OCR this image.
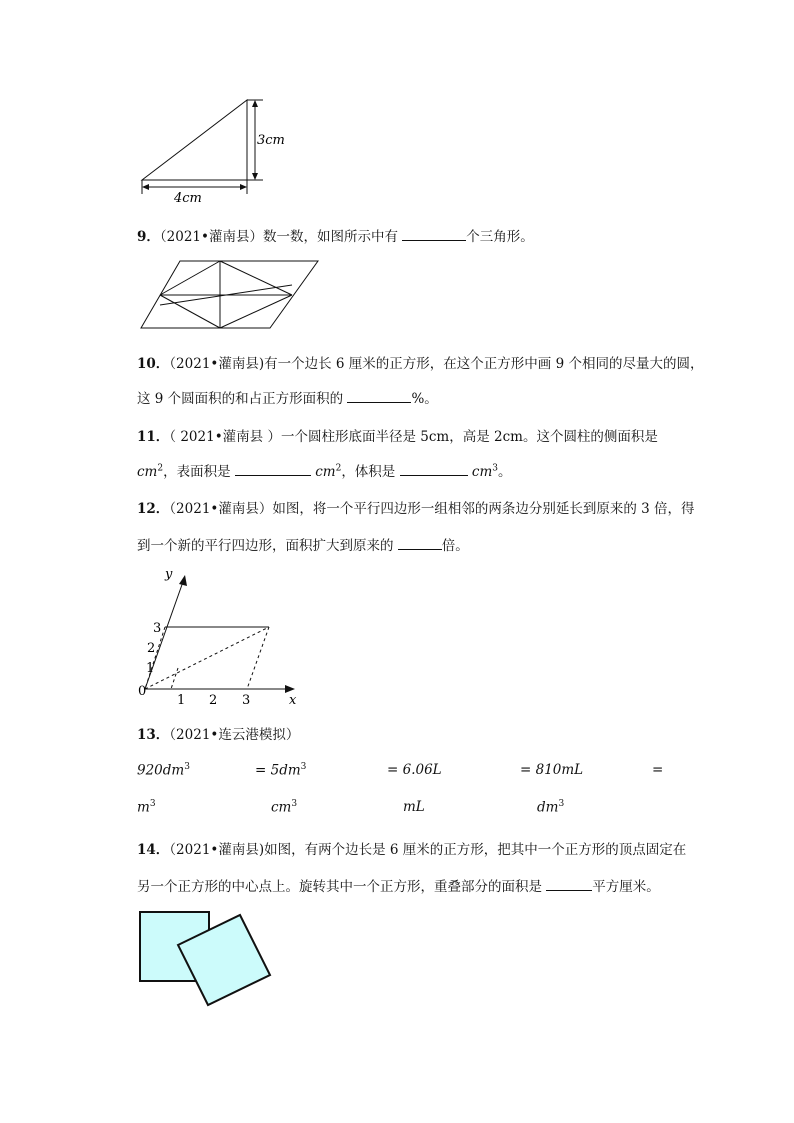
3cm
4cm
9．（2021•灌南县）数一数，如图所示中有	个三角形。
10．（2021•灌南县)有一个边长 6 厘米的正方形，在这个正方形中画 9 个相同的尽量大的圆，
这 9 个圆面积的和占正方形面积的	%。
11．（ 2021•灌南县 ）一个圆柱形底面半径是 5cm，高是 2cm。这个圆柱的侧面积是
$cm^2$，表面积是	$cm^2$，体积是	$cm^3$。
12．（2021•灌南县）如图，将一个平行四边形一组相邻的两条边分别延长到原来的 3 倍，得
到一个新的平行四边形，面积扩大到原来的	倍。
y
x
0
3
2
1
1 2 3
13．（2021•连云港模拟）
$920dm^3$	= $5dm^3$	= 6.06L	= 810mL	=
$m^3$	$cm^3$	mL	$dm^3$
14．（2021•灌南县)如图，有两个边长是 6 厘米的正方形，把其中一个正方形的顶点固定在
另一个正方形的中心点上。旋转其中一个正方形，重叠部分的面积是	平方厘米。
